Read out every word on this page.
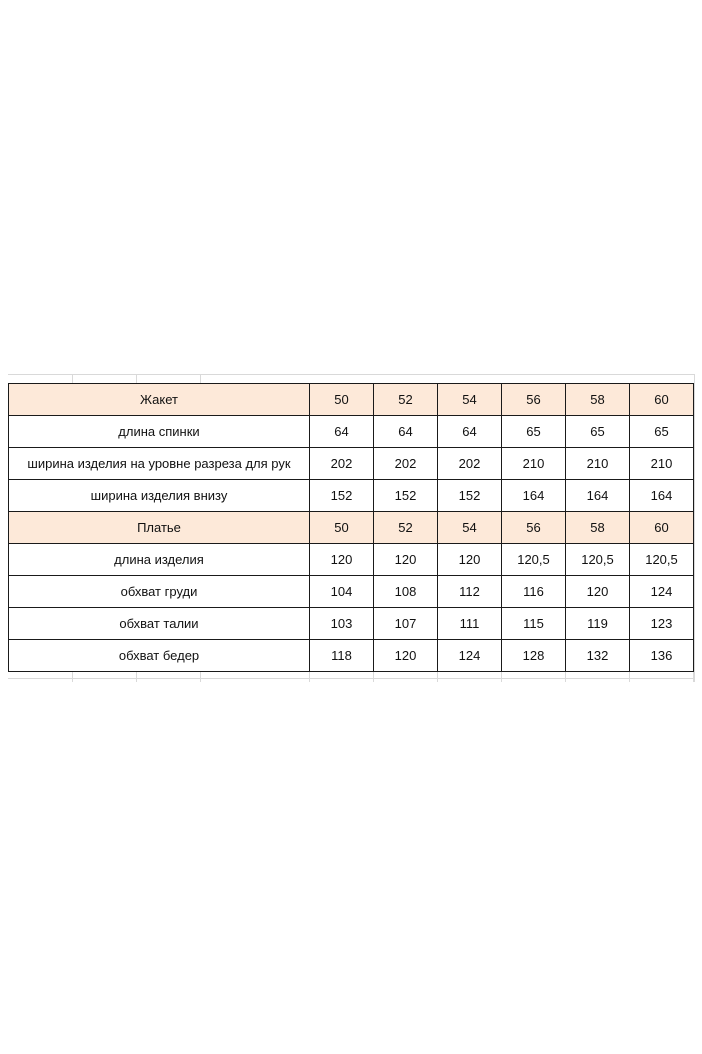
Жакет	50	52	54	56	58	60
длина спинки	64	64	64	65	65	65
ширина изделия на уровне разреза для рук	202	202	202	210	210	210
ширина изделия внизу	152	152	152	164	164	164
Платье	50	52	54	56	58	60
длина изделия	120	120	120	120,5	120,5	120,5
обхват груди	104	108	112	116	120	124
обхват талии	103	107	111	115	119	123
обхват бедер	118	120	124	128	132	136
